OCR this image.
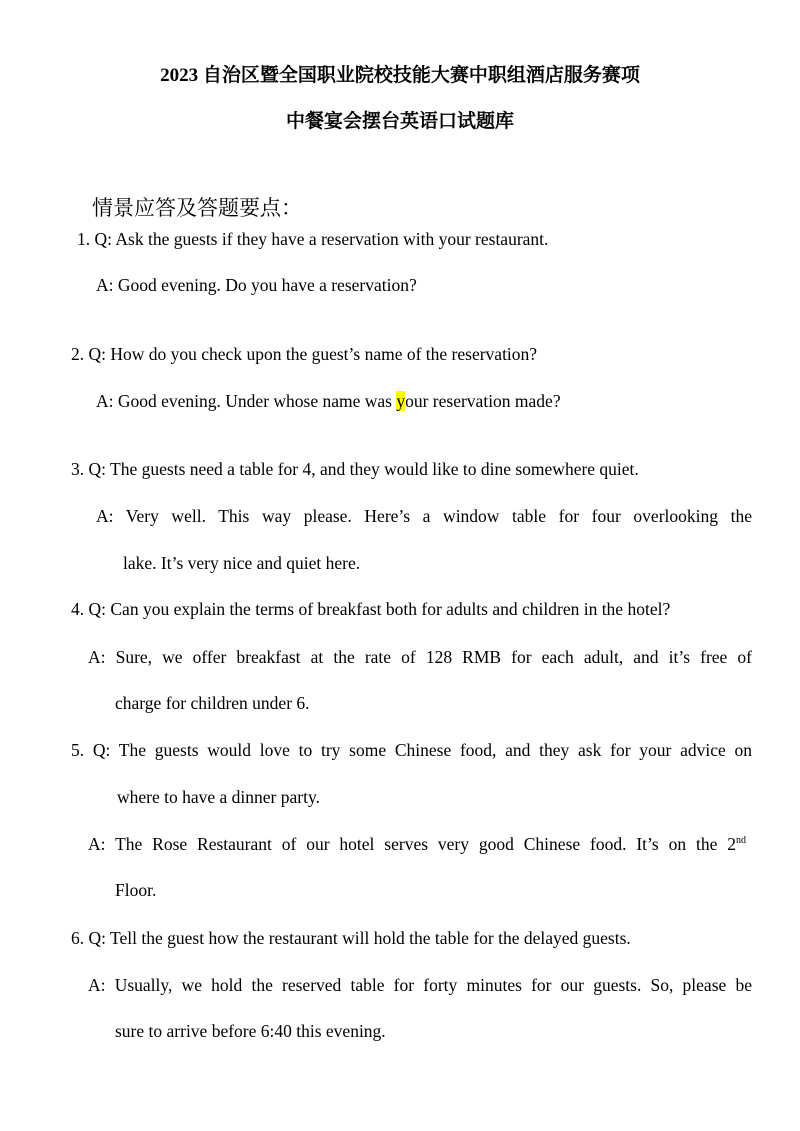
2023 自治区暨全国职业院校技能大赛中职组酒店服务赛项
中餐宴会摆台英语口试题库
情景应答及答题要点：
1. Q: Ask the guests if they have a reservation with your restaurant.
A: Good evening. Do you have a reservation?
2. Q: How do you check upon the guest’s name of the reservation?
A: Good evening. Under whose name was your reservation made?
3. Q: The guests need a table for 4, and they would like to dine somewhere quiet.
A: Very well. This way please. Here’s a window table for four overlooking the
lake. It’s very nice and quiet here.
4. Q: Can you explain the terms of breakfast both for adults and children in the hotel?
A: Sure, we offer breakfast at the rate of 128 RMB for each adult, and it’s free of
charge for children under 6.
5. Q: The guests would love to try some Chinese food, and they ask for your advice on
where to have a dinner party.
A: The Rose Restaurant of our hotel serves very good Chinese food. It’s on the 2nd
Floor.
6. Q: Tell the guest how the restaurant will hold the table for the delayed guests.
A: Usually, we hold the reserved table for forty minutes for our guests. So, please be
sure to arrive before 6:40 this evening.
